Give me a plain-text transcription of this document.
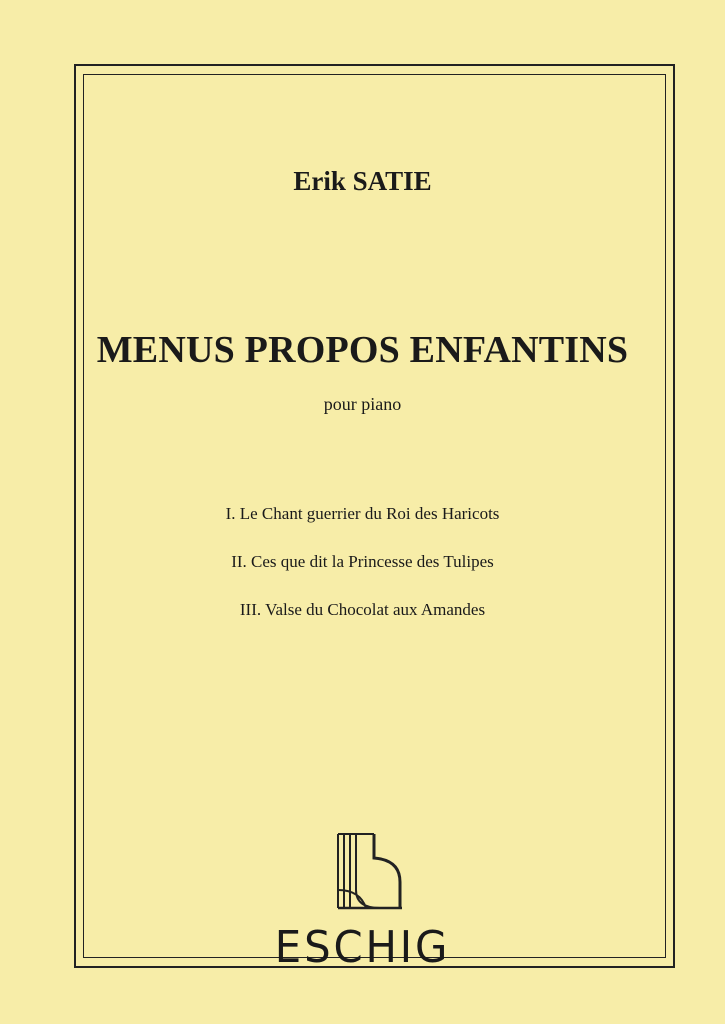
Erik SATIE
MENUS PROPOS ENFANTINS
pour piano
I. Le Chant guerrier du Roi des Haricots
II. Ces que dit la Princesse des Tulipes
III. Valse du Chocolat aux Amandes
ESCHIG
